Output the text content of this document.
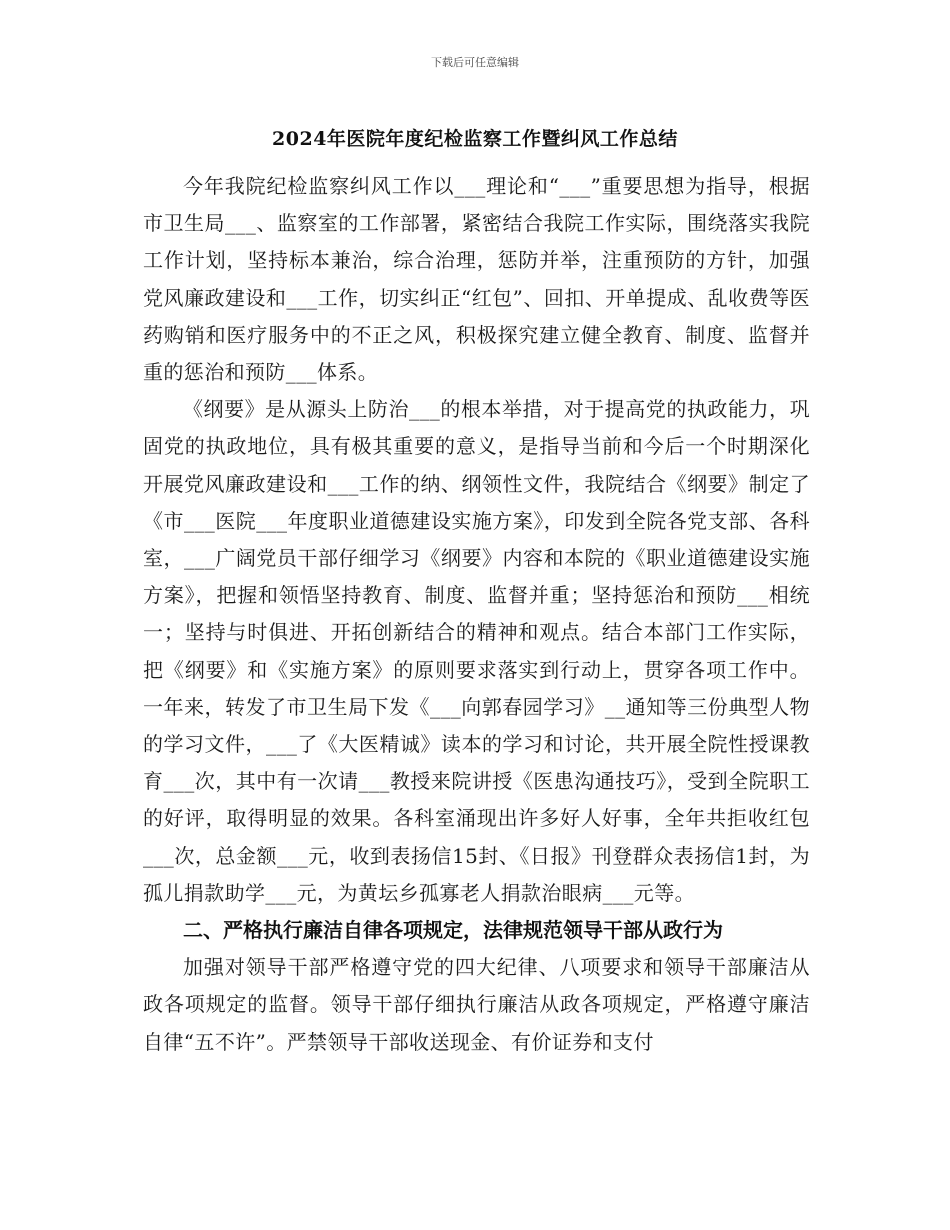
下载后可任意编辑
2024年医院年度纪检监察工作暨纠风工作总结

今年我院纪检监察纠风工作以___理论和“___”重要思想为指导，根据市卫生局___、监察室的工作部署，紧密结合我院工作实际，围绕落实我院工作计划，坚持标本兼治，综合治理，惩防并举，注重预防的方针，加强党风廉政建设和___工作，切实纠正“红包”、回扣、开单提成、乱收费等医药购销和医疗服务中的不正之风，积极探究建立健全教育、制度、监督并重的惩治和预防___体系。

《纲要》是从源头上防治___的根本举措，对于提高党的执政能力，巩固党的执政地位，具有极其重要的意义，是指导当前和今后一个时期深化开展党风廉政建设和___工作的纳、纲领性文件，我院结合《纲要》制定了《市___医院___年度职业道德建设实施方案》，印发到全院各党支部、各科室，___广阔党员干部仔细学习《纲要》内容和本院的《职业道德建设实施方案》，把握和领悟坚持教育、制度、监督并重；坚持惩治和预防___相统一；坚持与时俱进、开拓创新结合的精神和观点。结合本部门工作实际，把《纲要》和《实施方案》的原则要求落实到行动上，贯穿各项工作中。一年来，转发了市卫生局下发《___向郭春园学习》__通知等三份典型人物的学习文件，___了《大医精诚》读本的学习和讨论，共开展全院性授课教育___次，其中有一次请___教授来院讲授《医患沟通技巧》，受到全院职工的好评，取得明显的效果。各科室涌现出许多好人好事，全年共拒收红包___次，总金额___元，收到表扬信15封、《日报》刊登群众表扬信1封，为孤儿捐款助学___元，为黄坛乡孤寡老人捐款治眼病___元等。

二、严格执行廉洁自律各项规定，法律规范领导干部从政行为

加强对领导干部严格遵守党的四大纪律、八项要求和领导干部廉洁从政各项规定的监督。领导干部仔细执行廉洁从政各项规定，严格遵守廉洁自律“五不许”。严禁领导干部收送现金、有价证券和支付
